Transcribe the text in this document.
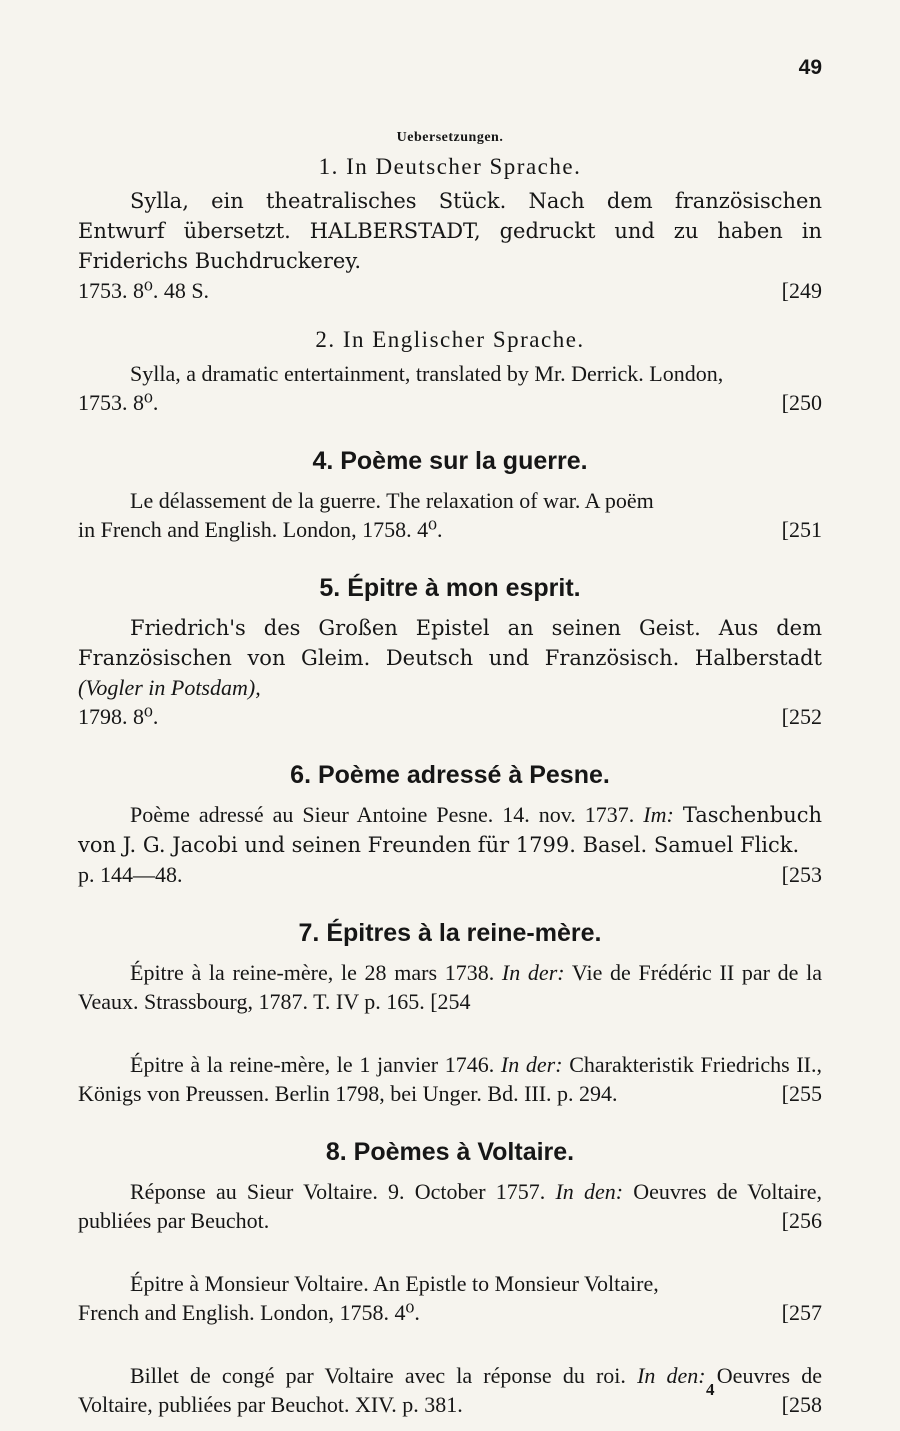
49
Uebersetzungen.
1. In Deutscher Sprache.

Sylla, ein theatralisches Stück. Nach dem französischen Entwurf übersetzt. HALBERSTADT, gedruckt und zu haben in Friderichs Buchdruckerey.
1753. 8⁰. 48 S.	[249

2. In Englischer Sprache.

Sylla, a dramatic entertainment, translated by Mr. Derrick. London,
1753. 8⁰.	[250

4. Poème sur la guerre.

Le délassement de la guerre. The relaxation of war. A poëm
in French and English. London, 1758. 4⁰.	[251

5. Épitre à mon esprit.

Friedrich's des Großen Epistel an seinen Geist. Aus dem Französischen von Gleim. Deutsch und Französisch. Halberstadt (Vogler in Potsdam),
1798. 8⁰.	[252

6. Poème adressé à Pesne.

Poème adressé au Sieur Antoine Pesne. 14. nov. 1737. Im: Taschenbuch von J. G. Jacobi und seinen Freunden für 1799. Basel. Samuel Flick.
p. 144—48.	[253

7. Épitres à la reine-mère.

Épitre à la reine-mère, le 28 mars 1738. In der: Vie de Frédéric II par de la Veaux. Strassbourg, 1787. T. IV p. 165. [254

Épitre à la reine-mère, le 1 janvier 1746. In der: Charakteristik Friedrichs II., Königs von Preussen. Berlin 1798, bei Unger. Bd. III. p. 294.	[255

8. Poèmes à Voltaire.

Réponse au Sieur Voltaire. 9. October 1757. In den: Oeuvres de Voltaire, publiées par Beuchot.	[256

Épitre à Monsieur Voltaire. An Epistle to Monsieur Voltaire,
French and English. London, 1758. 4⁰.	[257

Billet de congé par Voltaire avec la réponse du roi. In den: Oeuvres de Voltaire, publiées par Beuchot. XIV. p. 381.	[258

4
